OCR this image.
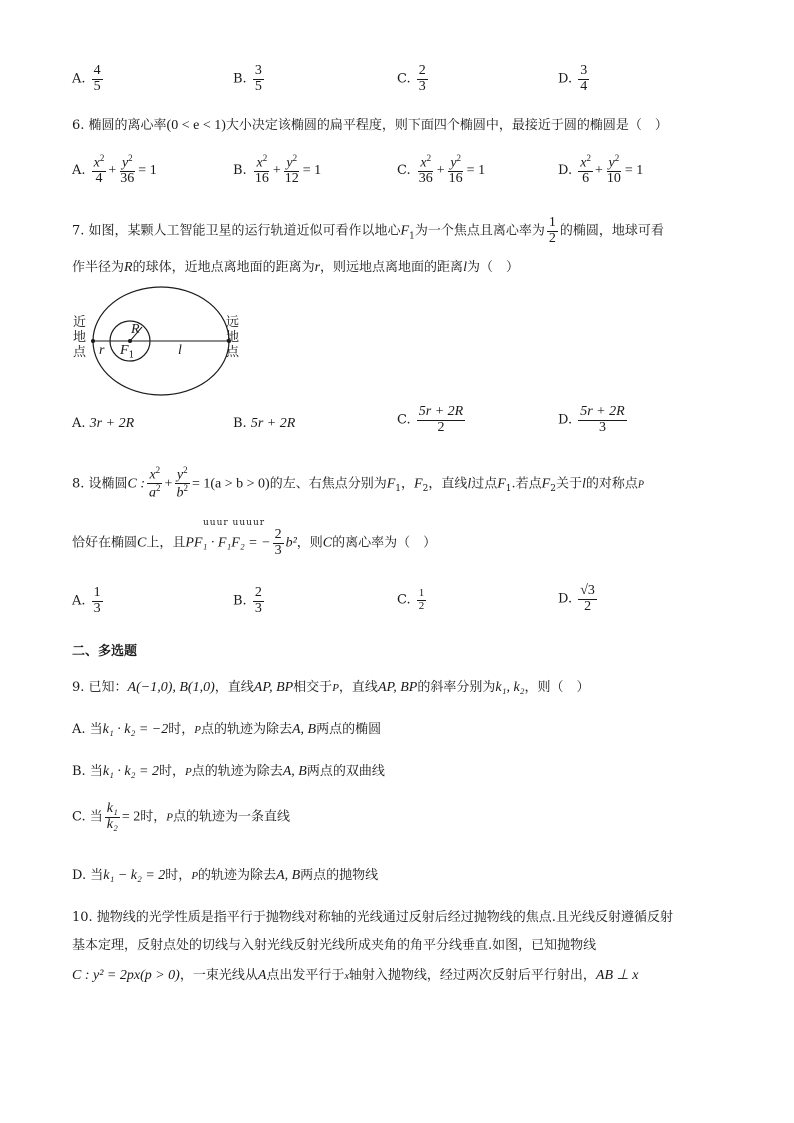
A. $\frac{4}{5}$	B. $\frac{3}{5}$	C. $\frac{2}{3}$	D. $\frac{3}{4}$
6. 椭圆的离心率(0 < e < 1)大小决定该椭圆的扁平程度，则下面四个椭圆中，最接近于圆的椭圆是（　）
A. $\frac{x^2}{4} + \frac{y^2}{36} = 1$	B. $\frac{x^2}{16} + \frac{y^2}{12} = 1$	C. $\frac{x^2}{36} + \frac{y^2}{16} = 1$	D. $\frac{x^2}{6} + \frac{y^2}{10} = 1$
7. 如图，某颗人工智能卫星的运行轨道近似可看作以地心$F_1$为一个焦点且离心率为 $\frac{1}{2}$ 的椭圆，地球可看
作半径为R的球体，近地点离地面的距离为r，则远地点离地面的距离l为（　）
近
地
点
远
地
点
R
r $F_1$	l
A. 3r + 2R	B. 5r + 2R	C. $\frac{5r + 2R}{2}$	D. $\frac{5r + 2R}{3}$
8. 设椭圆C : $\frac{x^2}{a^2} + \frac{y^2}{b^2} = 1(a > b > 0)$的左、右焦点分别为$F_1$，$F_2$，直线l过点$F_1$.若点$F_2$关于l的对称点P
uuur uuuur
恰好在椭圆C上，且PF₁ · F₁F₂ = − $\frac{2}{3} b^2$，则C的离心率为（　）
A. $\frac{1}{3}$	B. $\frac{2}{3}$	C. $\frac{1}{2}$	D. $\frac{√3}{2}$
二、多选题
9. 已知：A(−1,0), B(1,0)，直线AP, BP相交于P，直线AP, BP的斜率分别为k₁, k₂，则（　）
A. 当k₁ · k₂ = −2时，P点的轨迹为除去A, B两点的椭圆
B. 当k₁ · k₂ = 2时，P点的轨迹为除去A, B两点的双曲线
C. 当 $\frac{\text{k₁}}{\text{k₂}} = 2$时，P点的轨迹为一条直线
D. 当k₁ − k₂ = 2时，P的轨迹为除去A, B两点的抛物线
10. 抛物线的光学性质是指平行于抛物线对称轴的光线通过反射后经过抛物线的焦点.且光线反射遵循反射
基本定理，反射点处的切线与入射光线反射光线所成夹角的角平分线垂直.如图，已知抛物线
C : y² = 2px(p > 0)，一束光线从A点出发平行于x轴射入抛物线，经过两次反射后平行射出，AB ⊥ x
